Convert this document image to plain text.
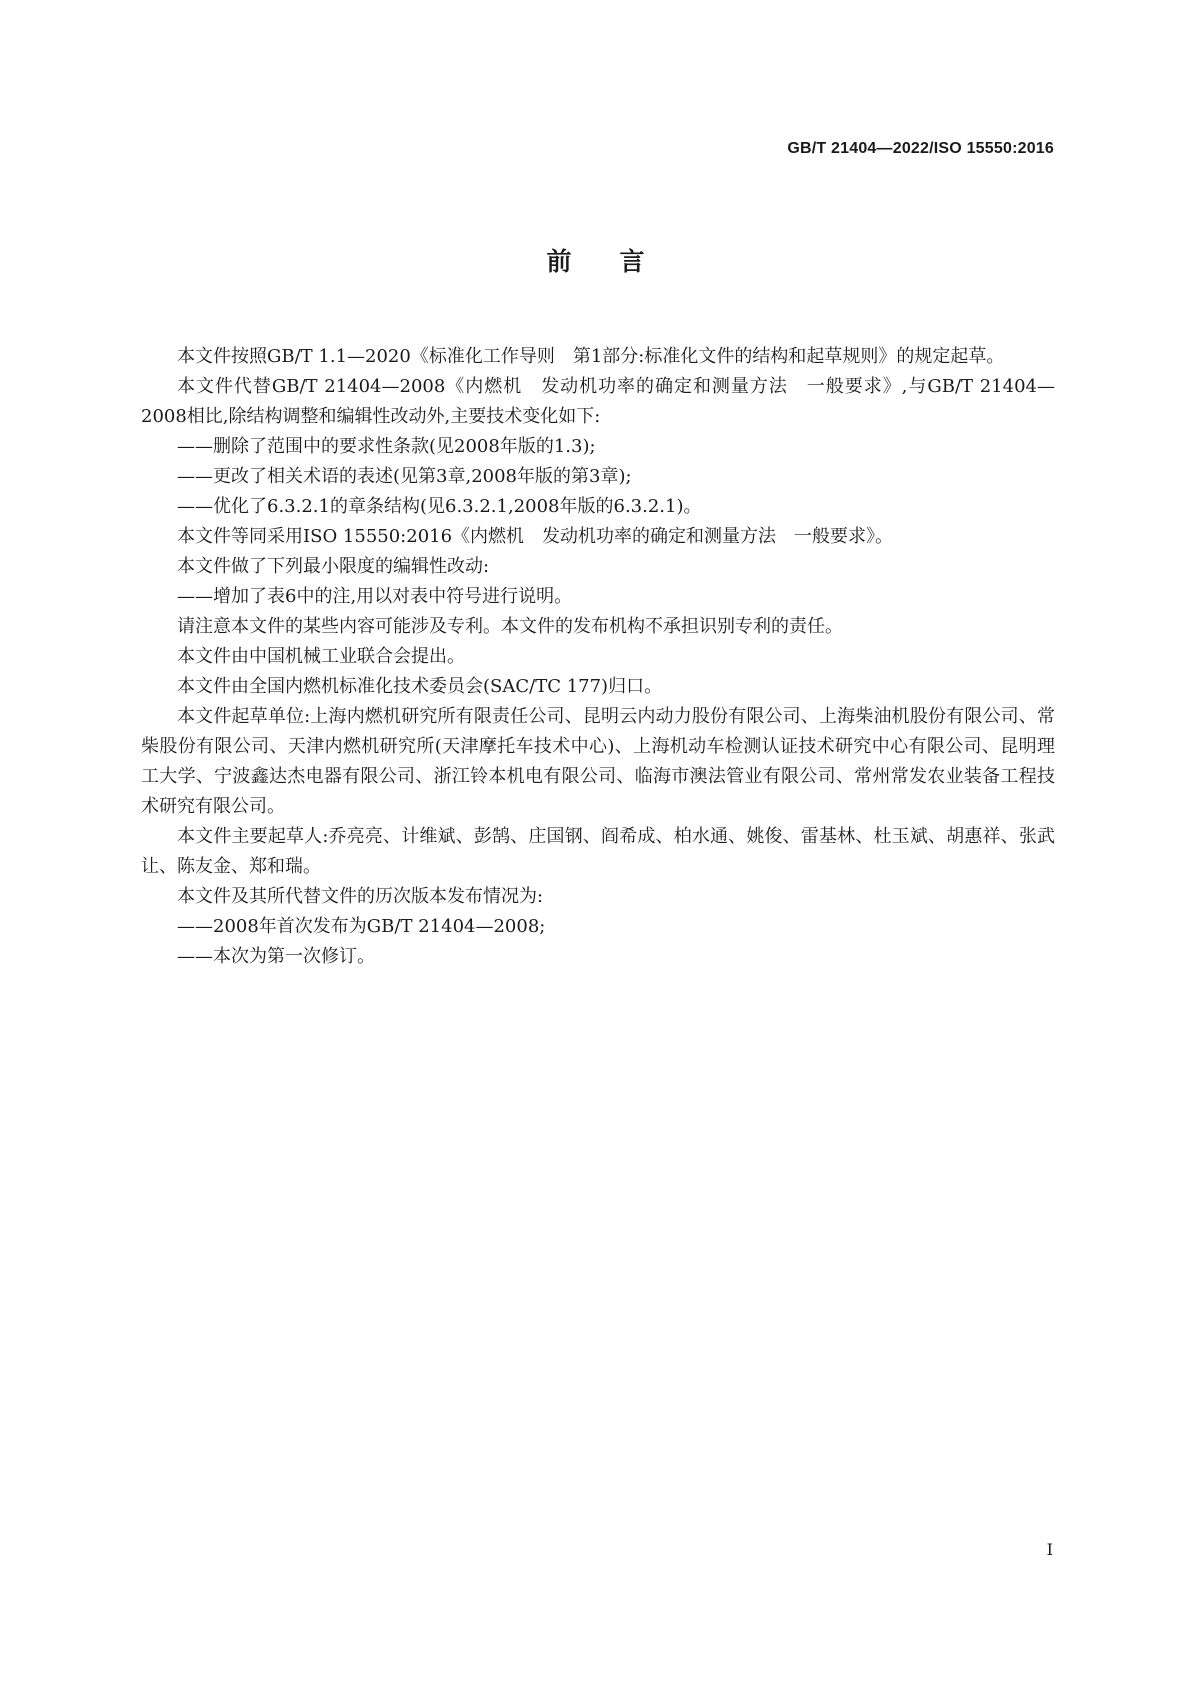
GB/T 21404—2022/ISO 15550:2016
前言

本文件按照GB/T 1.1—2020《标准化工作导则　第1部分:标准化文件的结构和起草规则》的规定起草。

本文件代替GB/T 21404—2008《内燃机　发动机功率的确定和测量方法　一般要求》,与GB/T 21404—2008相比,除结构调整和编辑性改动外,主要技术变化如下:

——删除了范围中的要求性条款(见2008年版的1.3);

——更改了相关术语的表述(见第3章,2008年版的第3章);

——优化了6.3.2.1的章条结构(见6.3.2.1,2008年版的6.3.2.1)。

本文件等同采用ISO 15550:2016《内燃机　发动机功率的确定和测量方法　一般要求》。

本文件做了下列最小限度的编辑性改动:

——增加了表6中的注,用以对表中符号进行说明。

请注意本文件的某些内容可能涉及专利。本文件的发布机构不承担识别专利的责任。

本文件由中国机械工业联合会提出。

本文件由全国内燃机标准化技术委员会(SAC/TC 177)归口。

本文件起草单位:上海内燃机研究所有限责任公司、昆明云内动力股份有限公司、上海柴油机股份有限公司、常柴股份有限公司、天津内燃机研究所(天津摩托车技术中心)、上海机动车检测认证技术研究中心有限公司、昆明理工大学、宁波鑫达杰电器有限公司、浙江铃本机电有限公司、临海市澳法管业有限公司、常州常发农业装备工程技术研究有限公司。

本文件主要起草人:乔亮亮、计维斌、彭鹄、庄国钢、阎希成、柏水通、姚俊、雷基林、杜玉斌、胡惠祥、张武让、陈友金、郑和瑞。

本文件及其所代替文件的历次版本发布情况为:

——2008年首次发布为GB/T 21404—2008;

——本次为第一次修订。

I
